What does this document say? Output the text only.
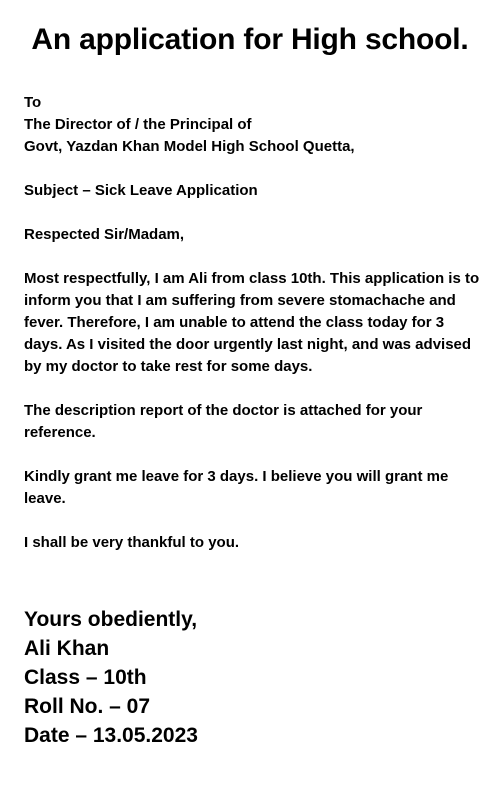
An application for High school.
To
The Director of / the Principal of
Govt, Yazdan Khan Model High School Quetta,
Subject – Sick Leave Application
Respected Sir/Madam,

Most respectfully, I am Ali from class 10th. This application is to inform you that I am suffering from severe stomachache and fever. Therefore, I am unable to attend the class today for 3 days. As I visited the door urgently last night, and was advised by my doctor to take rest for some days.

The description report of the doctor is attached for your reference.

Kindly grant me leave for 3 days. I believe you will grant me leave.

I shall be very thankful to you.

Yours obediently,
Ali Khan
Class – 10th
Roll No. – 07
Date – 13.05.2023
